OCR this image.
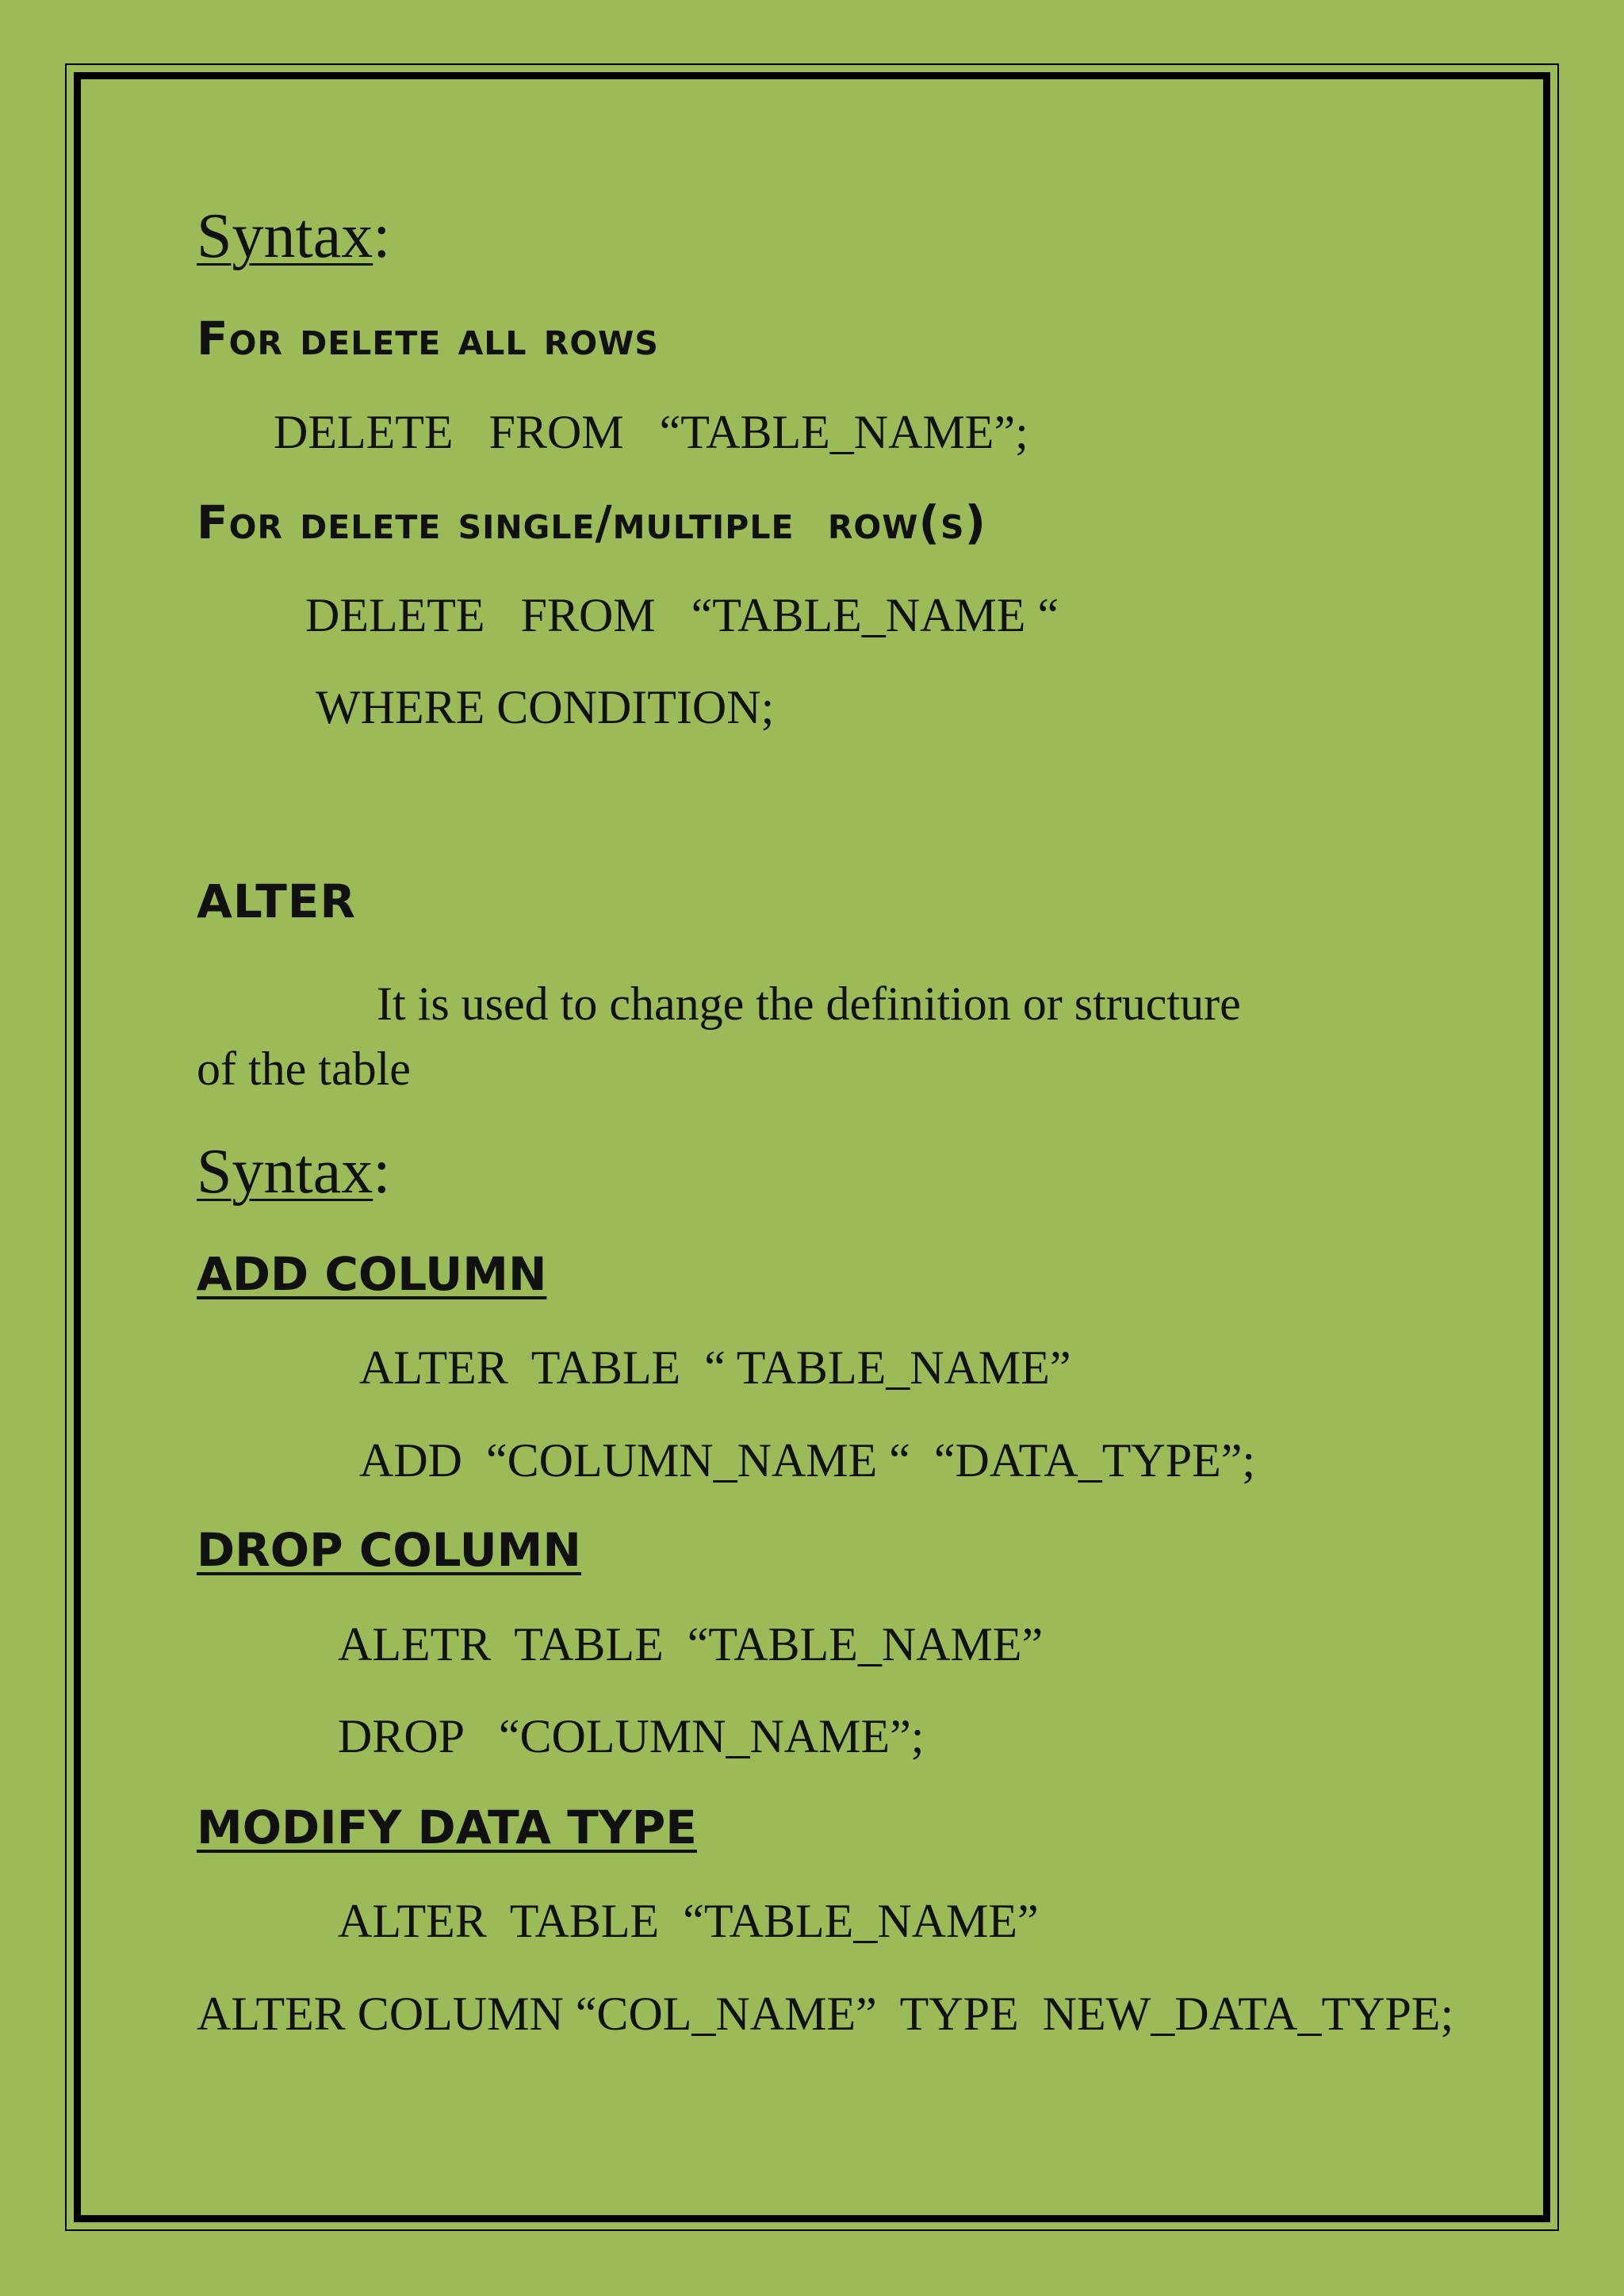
Syntax:
For delete all rows
DELETE   FROM   “TABLE_NAME”;
For delete single/multiple  row(s)
DELETE   FROM   “TABLE_NAME “
WHERE CONDITION;
ALTER
It is used to change the definition or structure
of the table
Syntax:
ADD COLUMN
ALTER  TABLE  “ TABLE_NAME”
ADD  “COLUMN_NAME “  “DATA_TYPE”;
DROP COLUMN
ALETR  TABLE  “TABLE_NAME”
DROP   “COLUMN_NAME”;
MODIFY DATA TYPE
ALTER  TABLE  “TABLE_NAME”
ALTER COLUMN “COL_NAME”  TYPE  NEW_DATA_TYPE;
